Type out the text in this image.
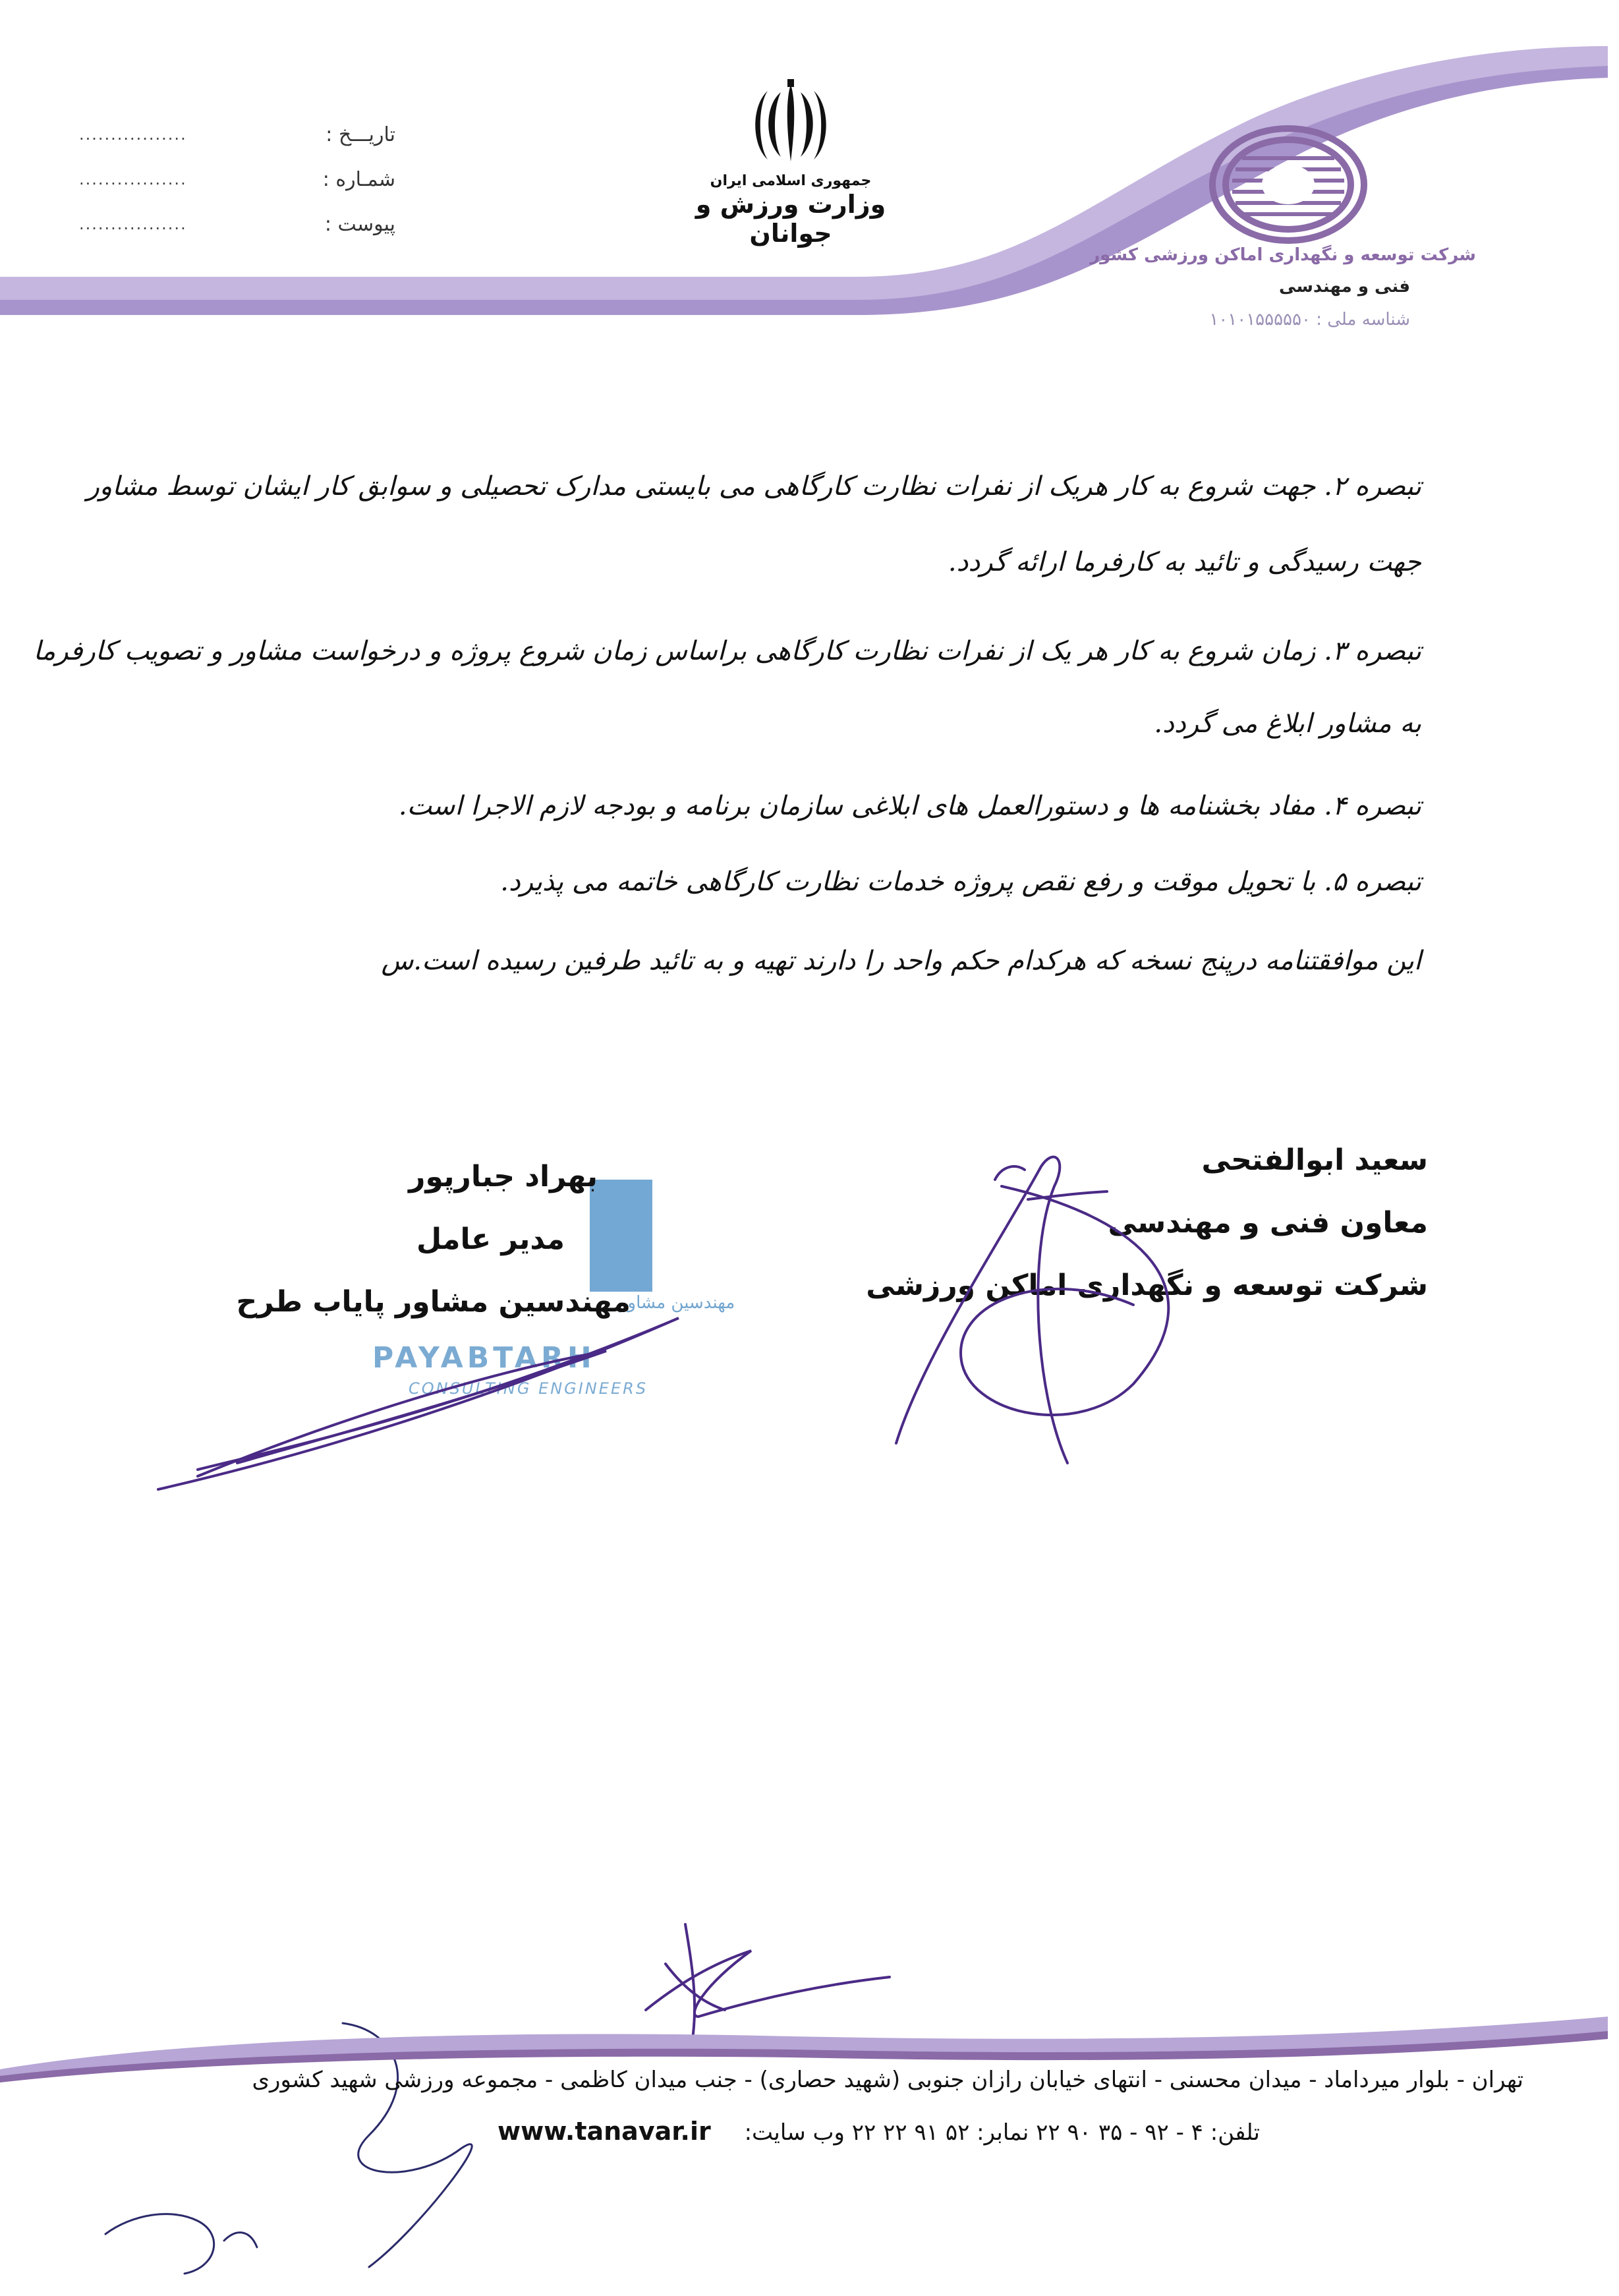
.................	تاریـــخ :
.................	شمـاره :
.................	پیوست :
جمهوری اسلامی ایران
وزارت ورزش و جوانان
شرکت توسعه و نگهداری اماکن ورزشی کشور
فنی و مهندسی
شناسه ملی : ۱۰۱۰۱۵۵۵۵۵۰
تبصره ۲. جهت شروع به کار هریک از نفرات نظارت کارگاهی می بایستی مدارک تحصیلی و سوابق کار ایشان توسط مشاور
جهت رسیدگی و تائید به کارفرما ارائه گردد.
تبصره ۳. زمان شروع به کار هر یک از نفرات نظارت کارگاهی براساس زمان شروع پروژه و درخواست مشاور و تصویب کارفرما
به مشاور ابلاغ می گردد.
تبصره ۴. مفاد بخشنامه ها و دستورالعمل های ابلاغی سازمان برنامه و بودجه لازم الاجرا است.
تبصره ۵. با تحویل موقت و رفع نقص پروژه خدمات نظارت کارگاهی خاتمه می پذیرد.
این موافقتنامه درپنج نسخه که هرکدام حکم واحد را دارند تهیه و به تائید طرفین رسیده است.س
مهندسین مشاور
PAYABTARH
CONSULTING ENGINEERS
سعید ابوالفتحی
معاون فنی و مهندسی
شرکت توسعه و نگهداری اماکن ورزشی
بهراد جبارپور
مدیر عامل
مهندسین مشاور پایاب طرح
تهران - بلوار میرداماد - میدان محسنی - انتهای خیابان رازان جنوبی (شهید حصاری) - جنب میدان کاظمی - مجموعه ورزشی شهید کشوری
تلفن: ۴ - ۹۲ - ۳۵ ۹۰ ۲۲ نمابر: ۵۲ ۹۱ ۲۲ ۲۲ وب سایت:
www.tanavar.ir
